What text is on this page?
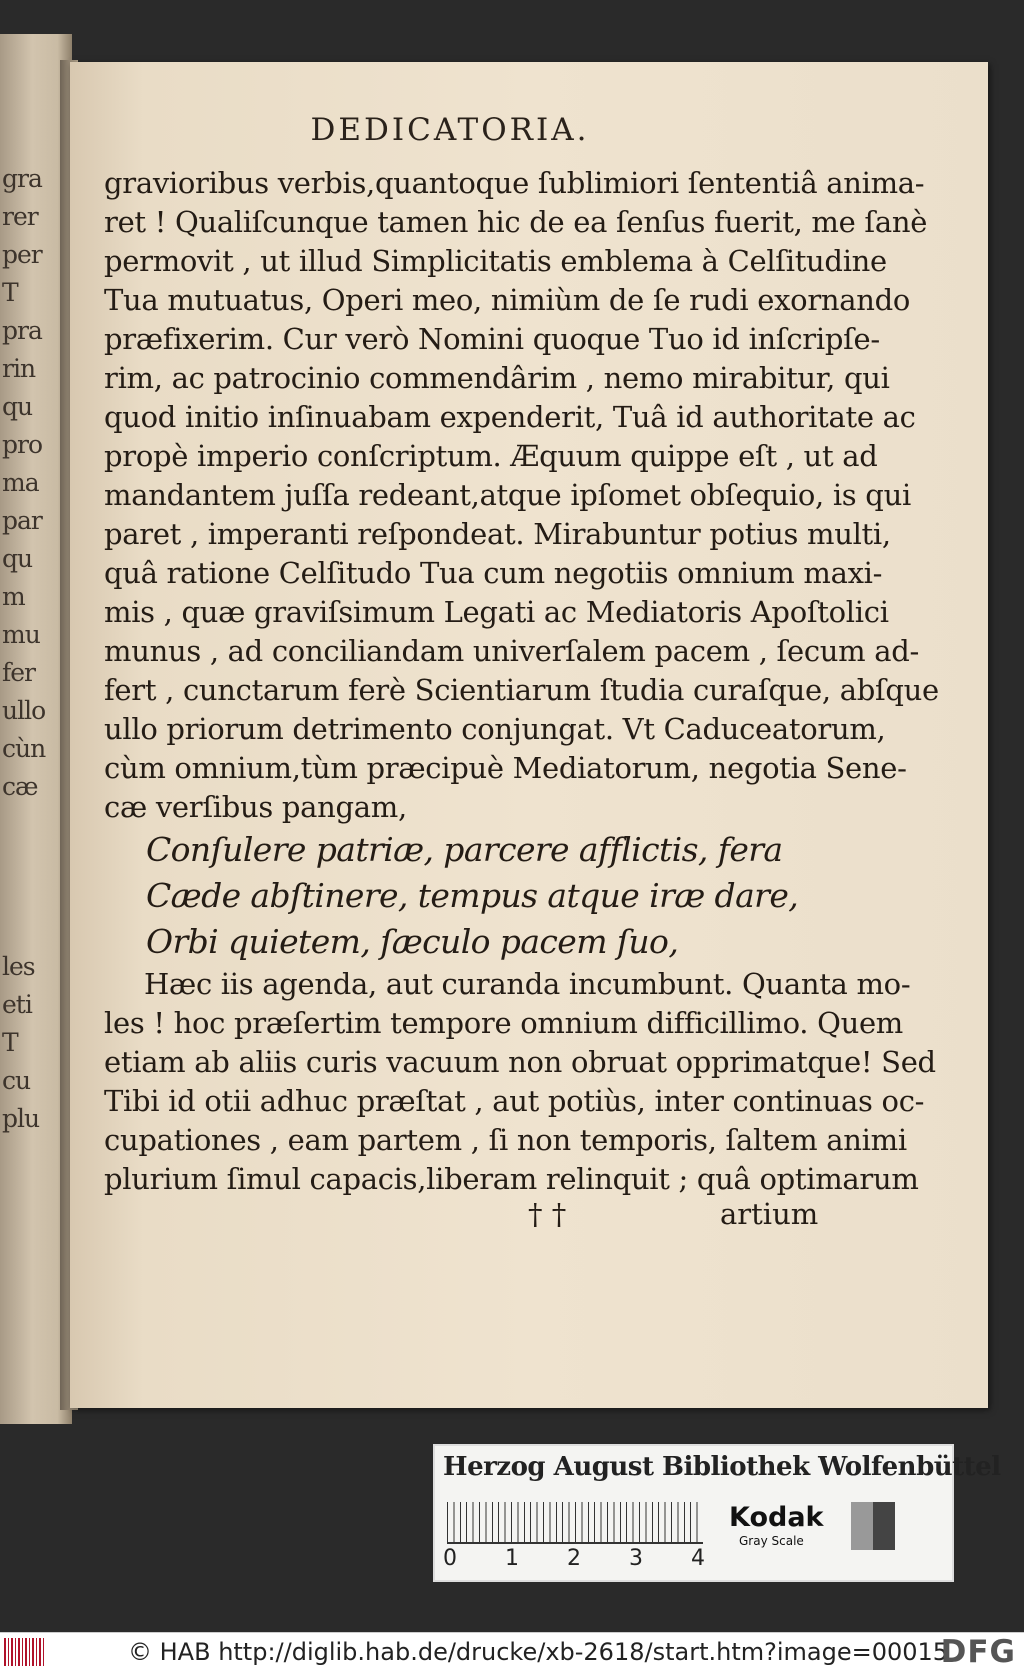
gra
rer
per
T
pra
rin
qu
pro
ma
par
qu
m
mu
fer
ullo
cùn
cæ
les
eti
T
cu
plu
DEDICATORIA.
gravioribus verbis,quantoque ſublimiori ſententiâ anima-
ret ! Qualiſcunque tamen hic de ea ſenſus fuerit, me ſanè
permovit , ut illud Simplicitatis emblema à Celſitudine
Tua mutuatus, Operi meo, nimiùm de ſe rudi exornando
præfixerim. Cur verò Nomini quoque Tuo id inſcripſe-
rim, ac patrocinio commendârim , nemo mirabitur, qui
quod initio inſinuabam expenderit, Tuâ id authoritate ac
propè imperio conſcriptum. Æquum quippe eſt , ut ad
mandantem juſſa redeant,atque ipſomet obſequio, is qui
paret , imperanti reſpondeat. Mirabuntur potius multi,
quâ ratione Celſitudo Tua cum negotiis omnium maxi-
mis , quæ graviſsimum Legati ac Mediatoris Apoſtolici
munus , ad conciliandam univerſalem pacem , ſecum ad-
fert , cunctarum ferè Scientiarum ſtudia curaſque, abſque
ullo priorum detrimento conjungat. Vt Caduceatorum,
cùm omnium,tùm præcipuè Mediatorum, negotia Sene-
cæ verſibus pangam,
Conſulere patriæ, parcere afflictis, fera
Cæde abſtinere, tempus atque iræ dare,
Orbi quietem, ſæculo pacem ſuo,
Hæc iis agenda, aut curanda incumbunt. Quanta mo-
les ! hoc præſertim tempore omnium difficillimo. Quem
etiam ab aliis curis vacuum non obruat opprimatque! Sed
Tibi id otii adhuc præſtat , aut potiùs, inter continuas oc-
cupationes , eam partem , ſi non temporis, ſaltem animi
plurium ſimul capacis,liberam relinquit ; quâ optimarum
† †	artium
Herzog August Bibliothek Wolfenbüttel
0 1 2 3 4
Kodak
Gray Scale
© HAB http://diglib.hab.de/drucke/xb-2618/start.htm?image=00015
DFG
